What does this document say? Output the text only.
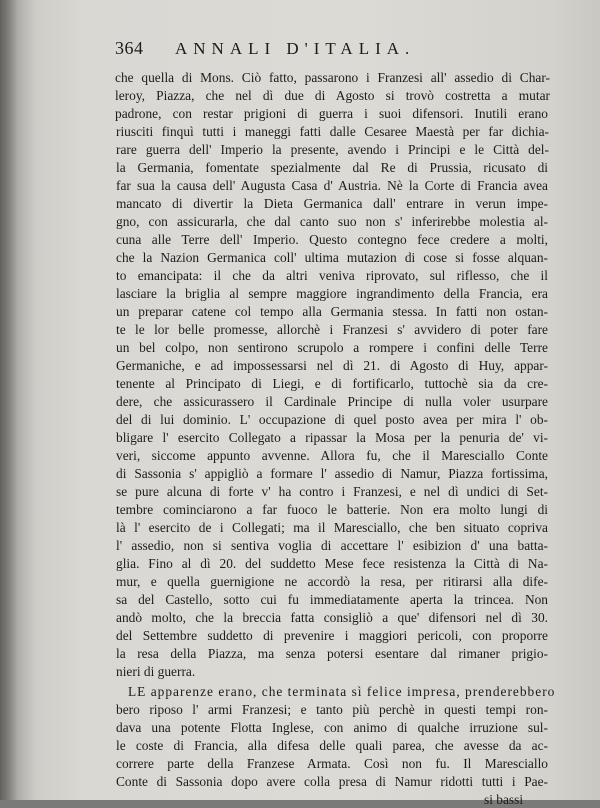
364 ANNALI D'ITALIA.
che quella di Mons. Ciò fatto, passarono i Franzesi all' assedio di Char-
leroy, Piazza, che nel dì due di Agosto si trovò costretta a mutar
padrone, con restar prigioni di guerra i suoi difensori. Inutili erano
riusciti finquì tutti i maneggi fatti dalle Cesaree Maestà per far dichia-
rare guerra dell' Imperio la presente, avendo i Principi e le Città del-
la Germania, fomentate spezialmente dal Re di Prussia, ricusato di
far sua la causa dell' Augusta Casa d' Austria. Nè la Corte di Francia avea
mancato di divertir la Dieta Germanica dall' entrare in verun impe-
gno, con assicurarla, che dal canto suo non s' inferirebbe molestia al-
cuna alle Terre dell' Imperio. Questo contegno fece credere a molti,
che la Nazion Germanica coll' ultima mutazion di cose si fosse alquan-
to emancipata: il che da altri veniva riprovato, sul riflesso, che il
lasciare la briglia al sempre maggiore ingrandimento della Francia, era
un preparar catene col tempo alla Germania stessa. In fatti non ostan-
te le lor belle promesse, allorchè i Franzesi s' avvidero di poter fare
un bel colpo, non sentirono scrupolo a rompere i confini delle Terre
Germaniche, e ad impossessarsi nel dì 21. di Agosto di Huy, appar-
tenente al Principato di Liegi, e di fortificarlo, tuttochè sia da cre-
dere, che assicurassero il Cardinale Principe di nulla voler usurpare
del di lui dominio. L' occupazione di quel posto avea per mira l' ob-
bligare l' esercito Collegato a ripassar la Mosa per la penuria de' vi-
veri, siccome appunto avvenne. Allora fu, che il Maresciallo Conte
di Sassonia s' appigliò a formare l' assedio di Namur, Piazza fortissima,
se pure alcuna di forte v' ha contro i Franzesi, e nel dì undici di Set-
tembre cominciarono a far fuoco le batterie. Non era molto lungi di
là l' esercito de i Collegati; ma il Maresciallo, che ben situato copriva
l' assedio, non si sentiva voglia di accettare l' esibizion d' una batta-
glia. Fino al dì 20. del suddetto Mese fece resistenza la Città di Na-
mur, e quella guernigione ne accordò la resa, per ritirarsi alla dife-
sa del Castello, sotto cui fu immediatamente aperta la trincea. Non
andò molto, che la breccia fatta consigliò a que' difensori nel dì 30.
del Settembre suddetto di prevenire i maggiori pericoli, con proporre
la resa della Piazza, ma senza potersi esentare dal rimaner prigio-
nieri di guerra.
LE apparenze erano, che terminata sì felice impresa, prenderebbero
bero riposo l' armi Franzesi; e tanto più perchè in questi tempi ron-
dava una potente Flotta Inglese, con animo di qualche irruzione sul-
le coste di Francia, alla difesa delle quali parea, che avesse da ac-
correre parte della Franzese Armata. Così non fu. Il Maresciallo
Conte di Sassonia dopo avere colla presa di Namur ridotti tutti i Pae-
si bassi
